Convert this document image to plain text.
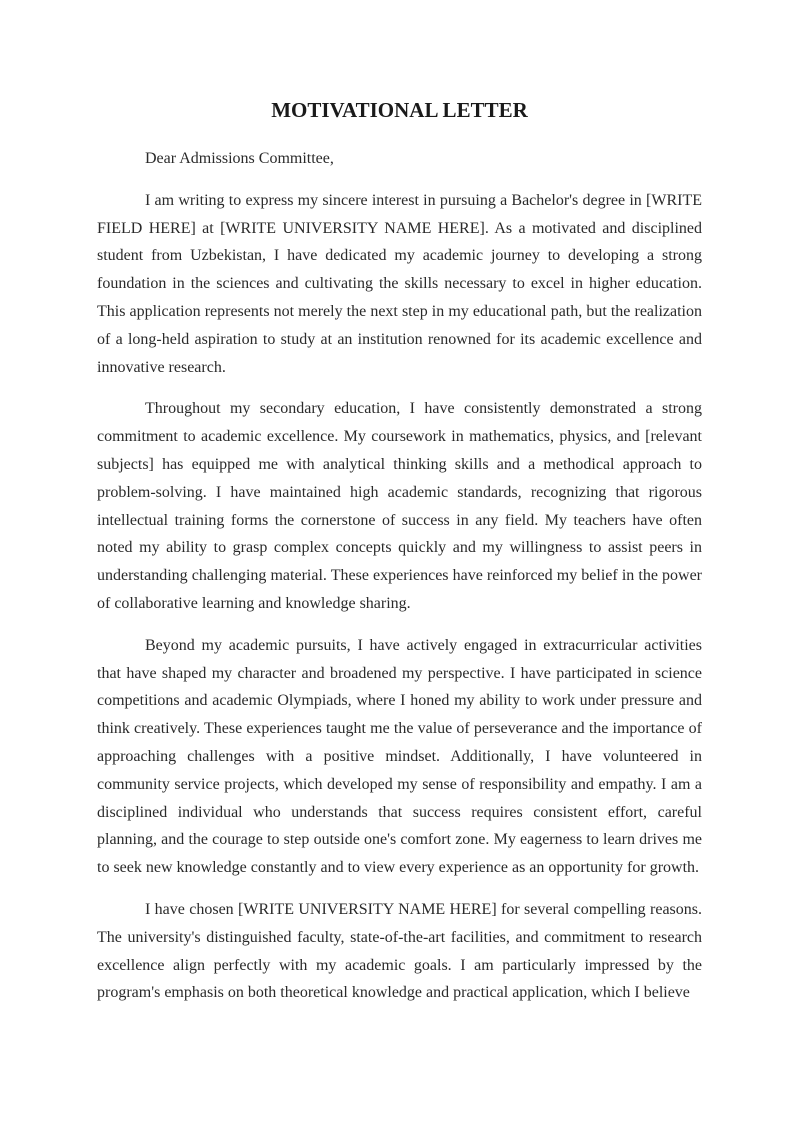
MOTIVATIONAL LETTER

Dear Admissions Committee,

I am writing to express my sincere interest in pursuing a Bachelor's degree in [WRITE FIELD HERE] at [WRITE UNIVERSITY NAME HERE]. As a motivated and disciplined student from Uzbekistan, I have dedicated my academic journey to developing a strong foundation in the sciences and cultivating the skills necessary to excel in higher education. This application represents not merely the next step in my educational path, but the realization of a long-held aspiration to study at an institution renowned for its academic excellence and innovative research.

Throughout my secondary education, I have consistently demonstrated a strong commitment to academic excellence. My coursework in mathematics, physics, and [relevant subjects] has equipped me with analytical thinking skills and a methodical approach to problem-solving. I have maintained high academic standards, recognizing that rigorous intellectual training forms the cornerstone of success in any field. My teachers have often noted my ability to grasp complex concepts quickly and my willingness to assist peers in understanding challenging material. These experiences have reinforced my belief in the power of collaborative learning and knowledge sharing.

Beyond my academic pursuits, I have actively engaged in extracurricular activities that have shaped my character and broadened my perspective. I have participated in science competitions and academic Olympiads, where I honed my ability to work under pressure and think creatively. These experiences taught me the value of perseverance and the importance of approaching challenges with a positive mindset. Additionally, I have volunteered in community service projects, which developed my sense of responsibility and empathy. I am a disciplined individual who understands that success requires consistent effort, careful planning, and the courage to step outside one's comfort zone. My eagerness to learn drives me to seek new knowledge constantly and to view every experience as an opportunity for growth.

I have chosen [WRITE UNIVERSITY NAME HERE] for several compelling reasons. The university's distinguished faculty, state-of-the-art facilities, and commitment to research excellence align perfectly with my academic goals. I am particularly impressed by the program's emphasis on both theoretical knowledge and practical application, which I believe
